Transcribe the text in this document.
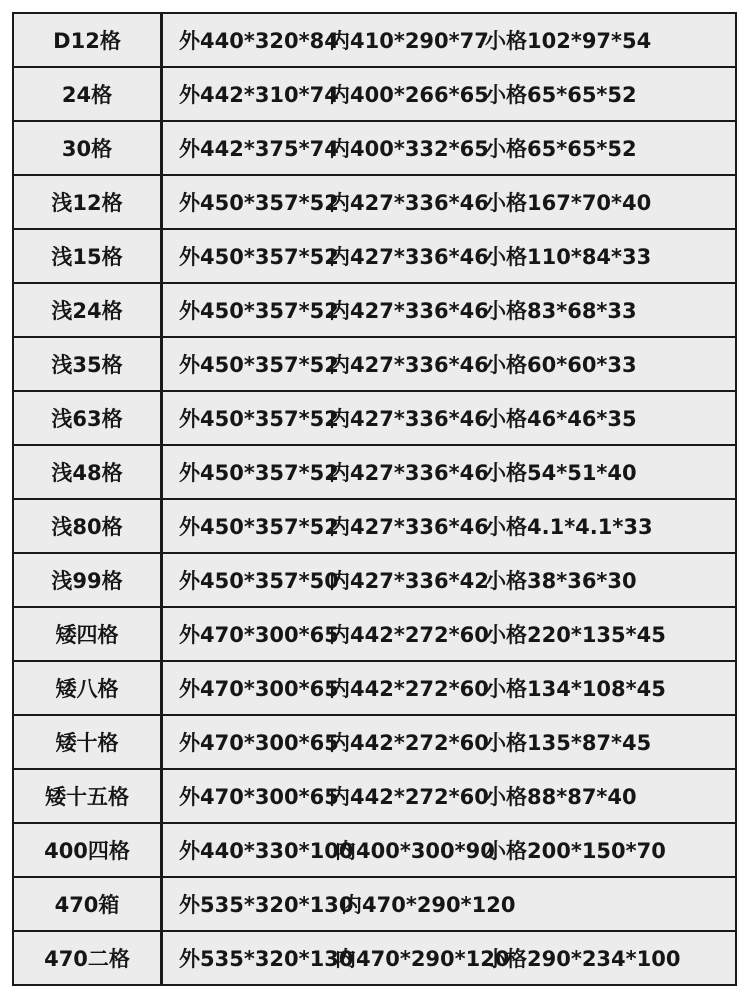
D12格	外440*320*84内410*290*77小格102*97*54
24格	外442*310*74内400*266*65小格65*65*52
30格	外442*375*74内400*332*65小格65*65*52
浅12格	外450*357*52内427*336*46小格167*70*40
浅15格	外450*357*52内427*336*46小格110*84*33
浅24格	外450*357*52内427*336*46小格83*68*33
浅35格	外450*357*52内427*336*46小格60*60*33
浅63格	外450*357*52内427*336*46小格46*46*35
浅48格	外450*357*52内427*336*46小格54*51*40
浅80格	外450*357*52内427*336*46小格4.1*4.1*33
浅99格	外450*357*50内427*336*42小格38*36*30
矮四格	外470*300*65内442*272*60小格220*135*45
矮八格	外470*300*65内442*272*60小格134*108*45
矮十格	外470*300*65内442*272*60小格135*87*45
矮十五格	外470*300*65内442*272*60小格88*87*40
400四格	外440*330*100内400*300*90小格200*150*70
470箱	外535*320*130内470*290*120
470二格	外535*320*130内470*290*120小格290*234*100
